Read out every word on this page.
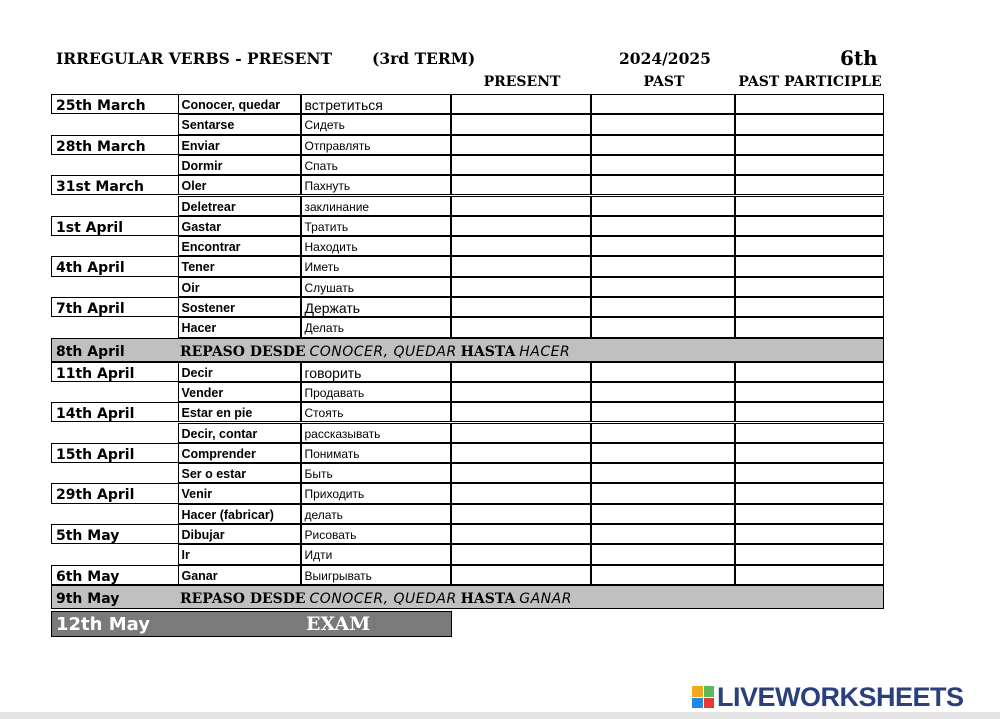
IRREGULAR VERBS - PRESENT	(3rd TERM)	2024/2025	6th
PRESENT	PAST	PAST PARTICIPLE
25th March	Conocer, quedar	встретиться
Sentarse	Сидеть
28th March	Enviar	Отправлять
Dormir	Спать
31st March	Oler	Пахнуть
Deletrear	заклинание
1st April	Gastar	Тратить
Encontrar	Находить
4th April	Tener	Иметь
Oir	Слушать
7th April	Sostener	Держать
Hacer	Делать
8th April	REPASO DESDE CONOCER, QUEDAR HASTA HACER
11th April	Decir	говорить
Vender	Продавать
14th April	Estar en pie	Стоять
Decir, contar	рассказывать
15th April	Comprender	Понимать
Ser o estar	Быть
29th April	Venir	Приходить
Hacer (fabricar)	делать
5th May	Dibujar	Рисовать
Ir	Идти
6th May	Ganar	Выигрывать
9th May	REPASO DESDE CONOCER, QUEDAR HASTA GANAR
12th May	EXAM
LIVEWORKSHEETS
